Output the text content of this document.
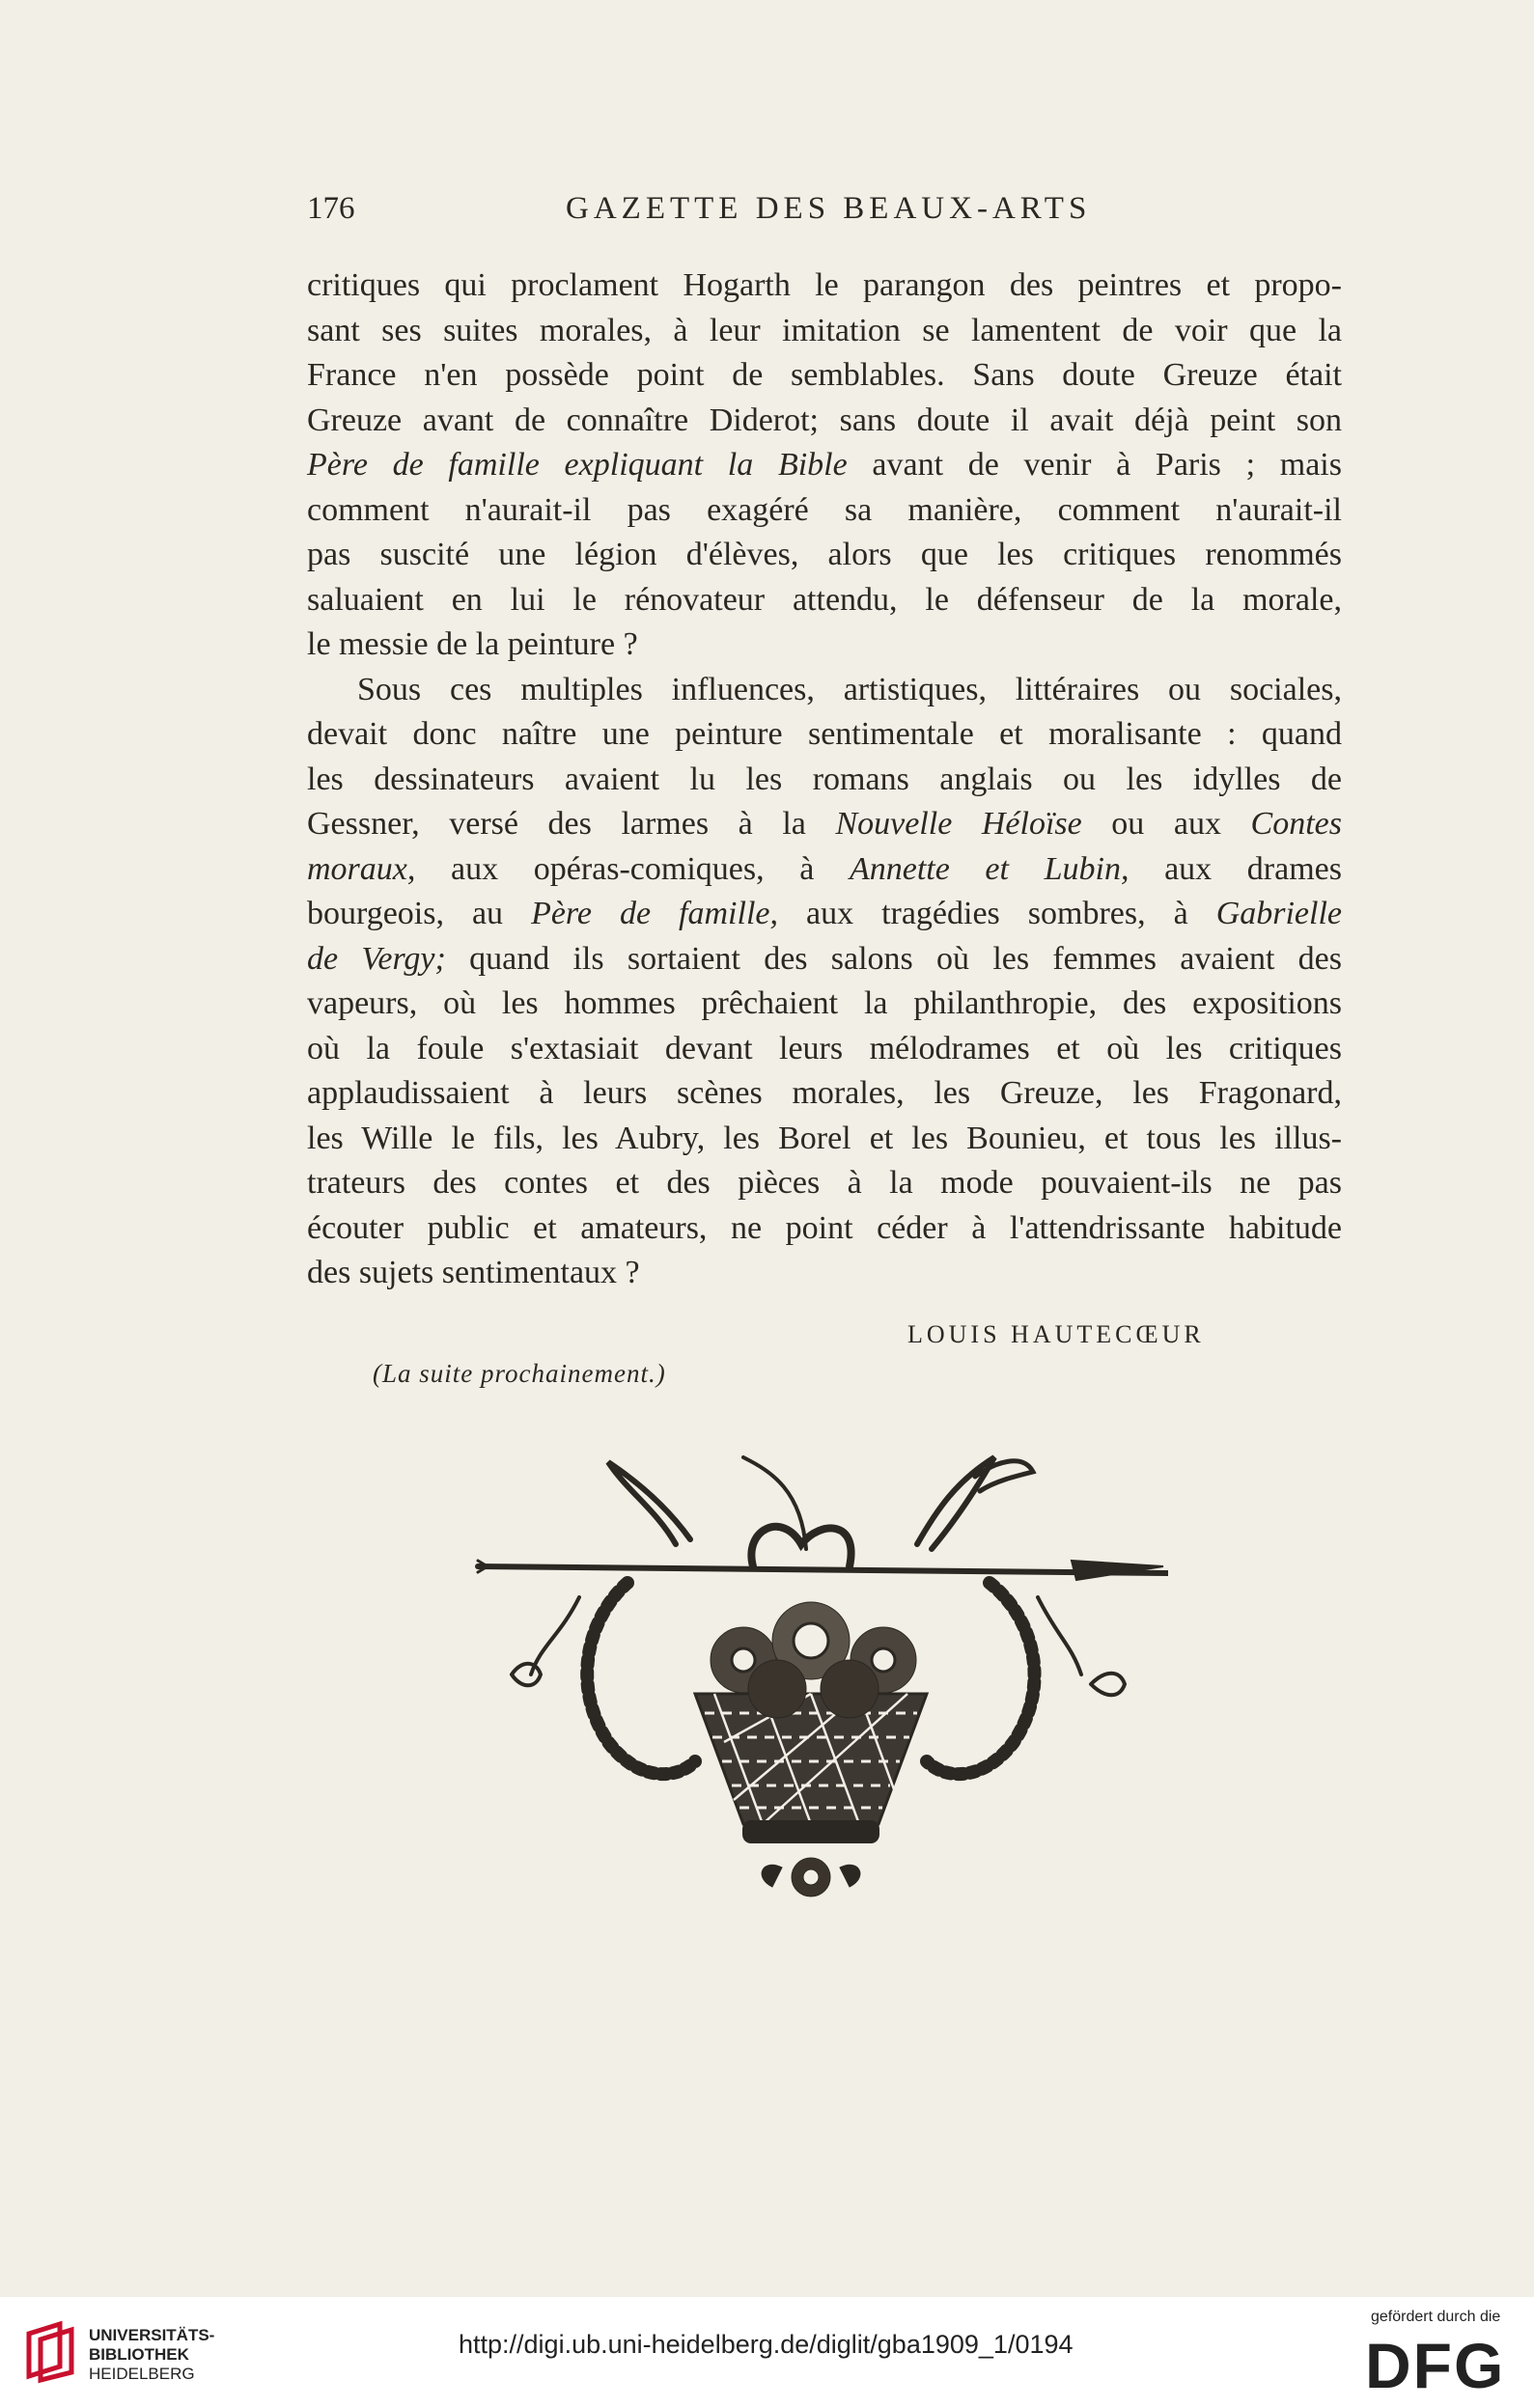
176	GAZETTE DES BEAUX-ARTS
critiques qui proclament Hogarth le parangon des peintres et propo-
sant ses suites morales, à leur imitation se lamentent de voir que la
France n'en possède point de semblables. Sans doute Greuze était
Greuze avant de connaître Diderot; sans doute il avait déjà peint son
Père de famille expliquant la Bible avant de venir à Paris ; mais
comment n'aurait-il pas exagéré sa manière, comment n'aurait-il
pas suscité une légion d'élèves, alors que les critiques renommés
saluaient en lui le rénovateur attendu, le défenseur de la morale,
le messie de la peinture ?
Sous ces multiples influences, artistiques, littéraires ou sociales,
devait donc naître une peinture sentimentale et moralisante : quand
les dessinateurs avaient lu les romans anglais ou les idylles de
Gessner, versé des larmes à la Nouvelle Héloïse ou aux Contes
moraux, aux opéras-comiques, à Annette et Lubin, aux drames
bourgeois, au Père de famille, aux tragédies sombres, à Gabrielle
de Vergy; quand ils sortaient des salons où les femmes avaient des
vapeurs, où les hommes prêchaient la philanthropie, des expositions
où la foule s'extasiait devant leurs mélodrames et où les critiques
applaudissaient à leurs scènes morales, les Greuze, les Fragonard,
les Wille le fils, les Aubry, les Borel et les Bounieu, et tous les illus-
trateurs des contes et des pièces à la mode pouvaient-ils ne pas
écouter public et amateurs, ne point céder à l'attendrissante habitude
des sujets sentimentaux ?
LOUIS HAUTECŒUR
(La suite prochainement.)
UNIVERSITÄTS-
BIBLIOTHEK
HEIDELBERG
http://digi.ub.uni-heidelberg.de/diglit/gba1909_1/0194
gefördert durch die
DFG
